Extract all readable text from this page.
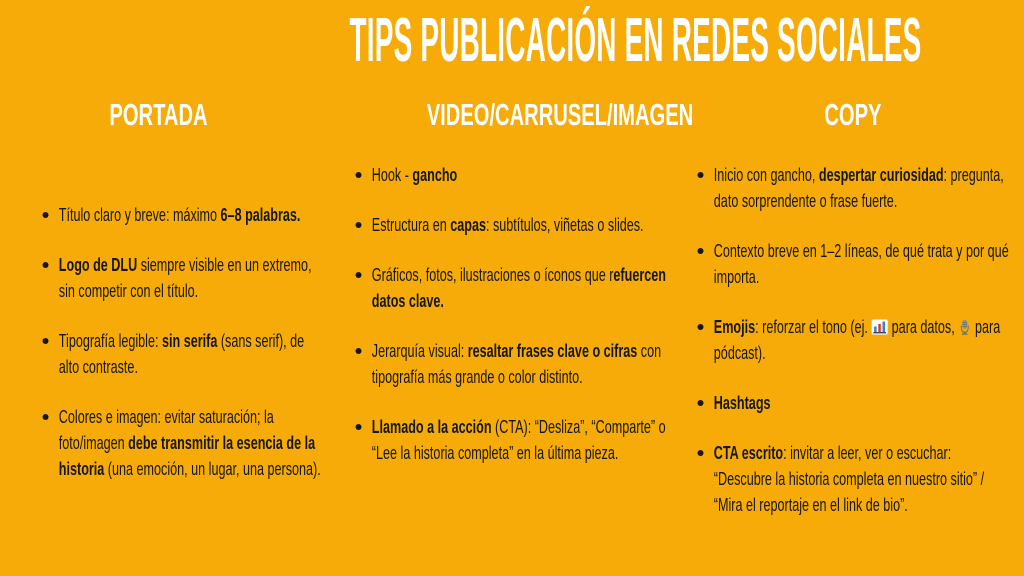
TIPS PUBLICACIÓN EN REDES SOCIALES
PORTADA
Título claro y breve: máximo 6–8 palabras.
Logo de DLU siempre visible en un extremo, sin competir con el título.
Tipografía legible: sin serifa (sans serif), de alto contraste.
Colores e imagen: evitar saturación; la foto/imagen debe transmitir la esencia de la historia (una emoción, un lugar, una persona).
VIDEO/CARRUSEL/IMAGEN
Hook - gancho
Estructura en capas: subtítulos, viñetas o slides.
Gráficos, fotos, ilustraciones o íconos que refuercen datos clave.
Jerarquía visual: resaltar frases clave o cifras con tipografía más grande o color distinto.
Llamado a la acción (CTA): “Desliza”, “Comparte” o “Lee la historia completa” en la última pieza.
COPY
Inicio con gancho, despertar curiosidad: pregunta, dato sorprendente o frase fuerte.
Contexto breve en 1–2 líneas, de qué trata y por qué importa.
Emojis: reforzar el tono (ej.  para datos,  para pódcast).
Hashtags
CTA escrito: invitar a leer, ver o escuchar: “Descubre la historia completa en nuestro sitio” / “Mira el reportaje en el link de bio”.
